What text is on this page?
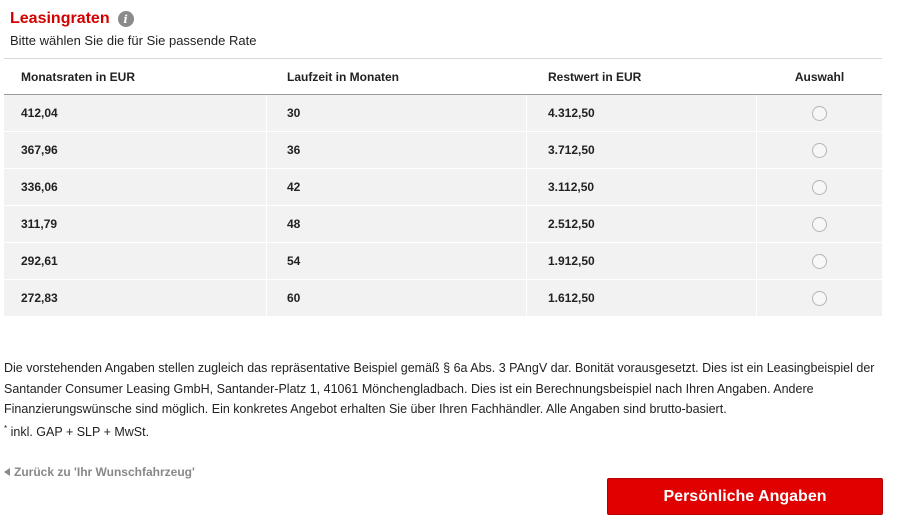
Leasingraten	i
Bitte wählen Sie die für Sie passende Rate
Monatsraten in EUR	Laufzeit in Monaten	Restwert in EUR	Auswahl
412,04	30	4.312,50
367,96	36	3.712,50
336,06	42	3.112,50
311,79	48	2.512,50
292,61	54	1.912,50
272,83	60	1.612,50

Die vorstehenden Angaben stellen zugleich das repräsentative Beispiel gemäß § 6a Abs. 3 PAngV dar. Bonität vorausgesetzt. Dies ist ein Leasingbeispiel der Santander Consumer Leasing GmbH, Santander-Platz 1, 41061 Mönchengladbach. Dies ist ein Berechnungsbeispiel nach Ihren Angaben. Andere Finanzierungswünsche sind möglich. Ein konkretes Angebot erhalten Sie über Ihren Fachhändler. Alle Angaben sind brutto-basiert.

* inkl. GAP + SLP + MwSt.

Zurück zu 'Ihr Wunschfahrzeug'
Persönliche Angaben
